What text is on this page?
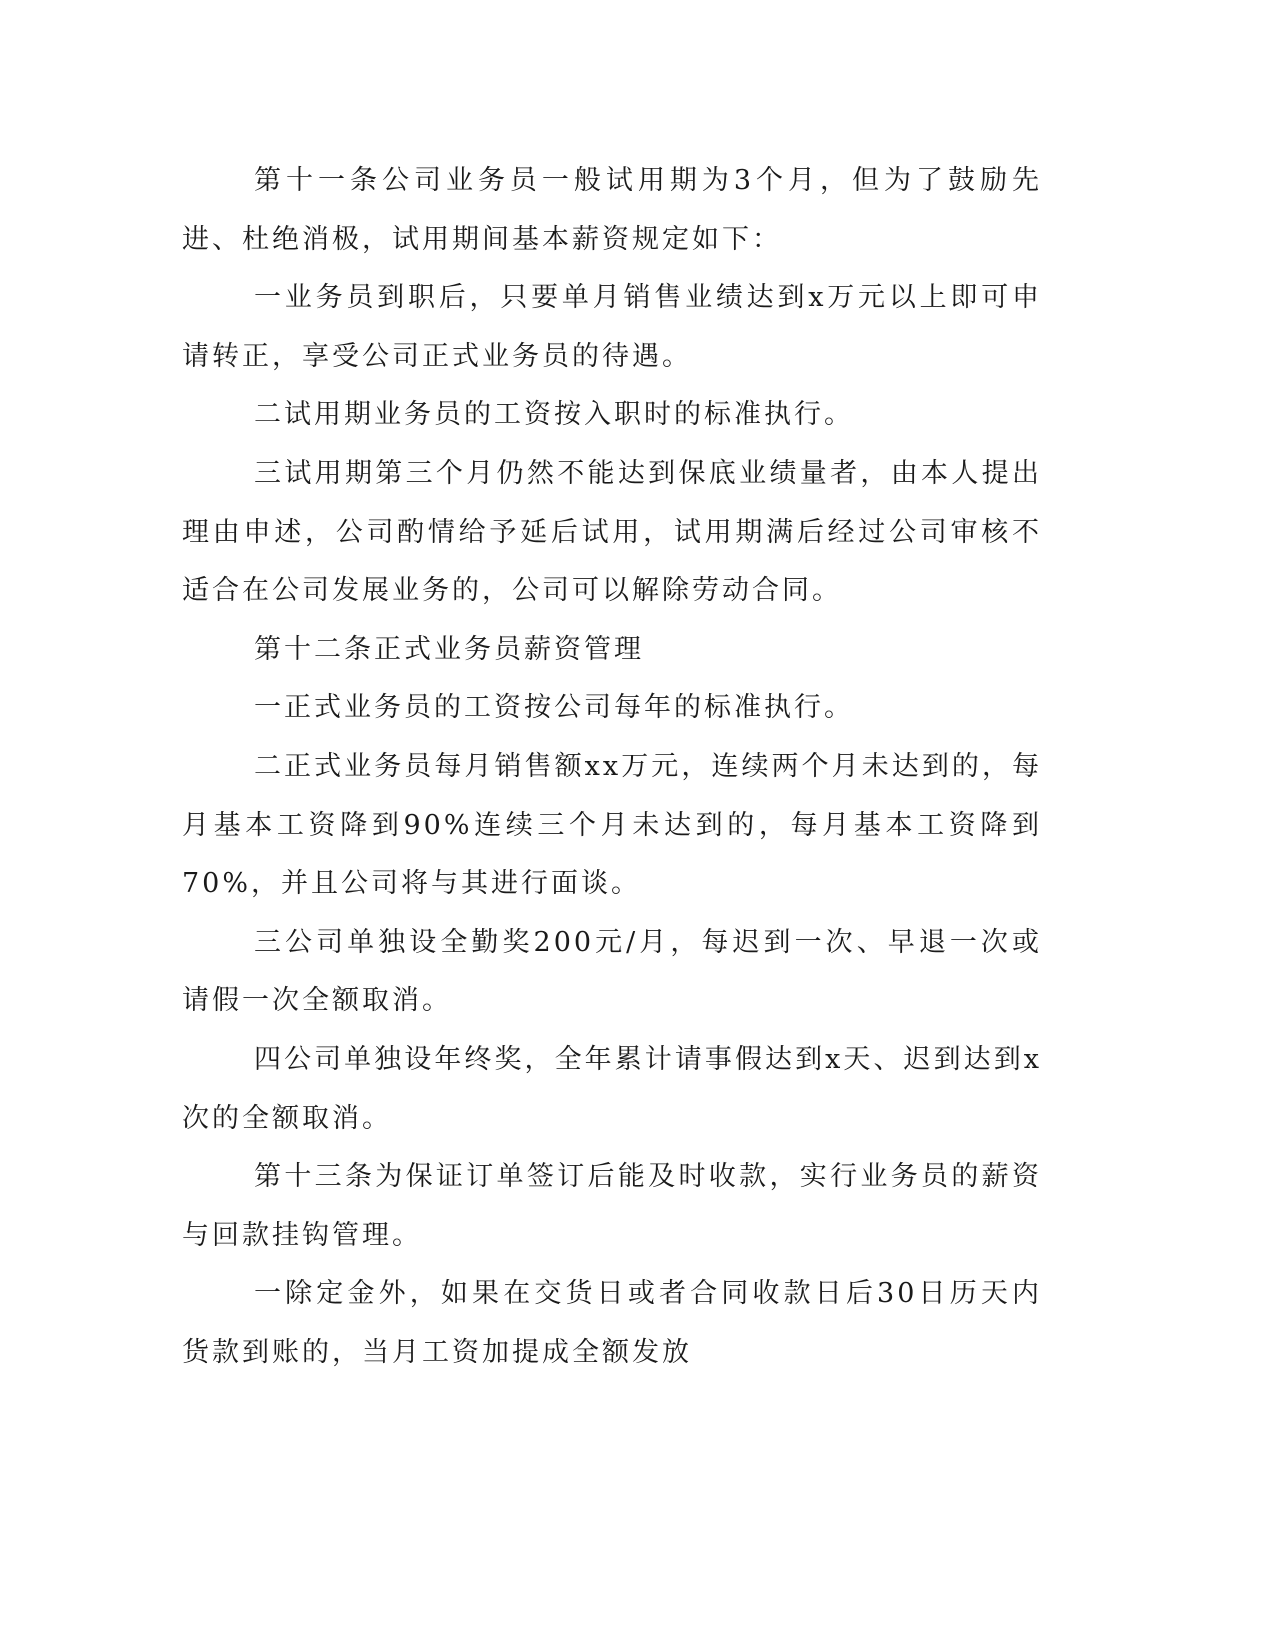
第十一条公司业务员一般试用期为3个月，但为了鼓励先进、杜绝消极，试用期间基本薪资规定如下：

一业务员到职后，只要单月销售业绩达到x万元以上即可申请转正，享受公司正式业务员的待遇。

二试用期业务员的工资按入职时的标准执行。

三试用期第三个月仍然不能达到保底业绩量者，由本人提出理由申述，公司酌情给予延后试用，试用期满后经过公司审核不适合在公司发展业务的，公司可以解除劳动合同。

第十二条正式业务员薪资管理

一正式业务员的工资按公司每年的标准执行。

二正式业务员每月销售额xx万元，连续两个月未达到的，每月基本工资降到90%连续三个月未达到的，每月基本工资降到70%，并且公司将与其进行面谈。

三公司单独设全勤奖200元/月，每迟到一次、早退一次或请假一次全额取消。

四公司单独设年终奖，全年累计请事假达到x天、迟到达到x次的全额取消。

第十三条为保证订单签订后能及时收款，实行业务员的薪资与回款挂钩管理。

一除定金外，如果在交货日或者合同收款日后30日历天内货款到账的，当月工资加提成全额发放
